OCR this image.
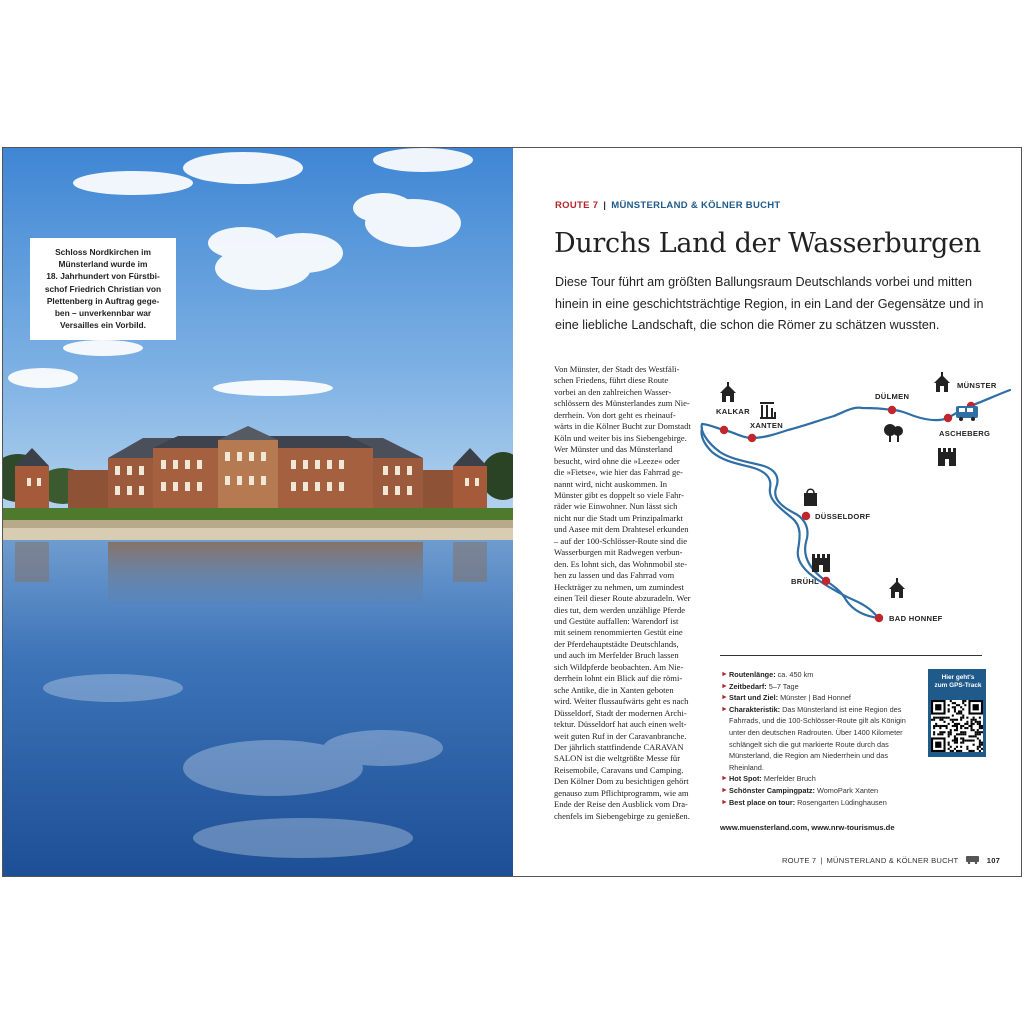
Schloss Nordkirchen im
Münsterland wurde im
18. Jahrhundert von Fürstbi-
schof Friedrich Christian von
Plettenberg in Auftrag gege-
ben – unverkennbar war
Versailles ein Vorbild.
ROUTE 7 | MÜNSTERLAND & KÖLNER BUCHT
Durchs Land der Wasserburgen
Diese Tour führt am größten Ballungsraum Deutschlands vorbei und mitten
hinein in eine geschichtsträchtige Region, in ein Land der Gegensätze und in
eine liebliche Landschaft, die schon die Römer zu schätzen wussten.
Von Münster, der Stadt des Westfäli-
schen Friedens, führt diese Route
vorbei an den zahlreichen Wasser-
schlössern des Münsterlandes zum Nie-
derrhein. Von dort geht es rheinauf-
wärts in die Kölner Bucht zur Domstadt
Köln und weiter bis ins Siebengebirge.
Wer Münster und das Münsterland
besucht, wird ohne die »Leeze« oder
die »Fietse«, wie hier das Fahrrad ge-
nannt wird, nicht auskommen. In
Münster gibt es doppelt so viele Fahr-
räder wie Einwohner. Nun lässt sich
nicht nur die Stadt um Prinzipalmarkt
und Aasee mit dem Drahtesel erkunden
– auf der 100-Schlösser-Route sind die
Wasserburgen mit Radwegen verbun-
den. Es lohnt sich, das Wohnmobil ste-
hen zu lassen und das Fahrrad vom
Heckträger zu nehmen, um zumindest
einen Teil dieser Route abzuradeln. Wer
dies tut, dem werden unzählige Pferde
und Gestüte auffallen: Warendorf ist
mit seinem renommierten Gestüt eine
der Pferdehauptstädte Deutschlands,
und auch im Merfelder Bruch lassen
sich Wildpferde beobachten. Am Nie-
derrhein lohnt ein Blick auf die römi-
sche Antike, die in Xanten geboten
wird. Weiter flussaufwärts geht es nach
Düsseldorf, Stadt der modernen Archi-
tektur. Düsseldorf hat auch einen welt-
weit guten Ruf in der Caravanbranche.
Der jährlich stattfindende CARAVAN
SALON ist die weltgrößte Messe für
Reisemobile, Caravans und Camping.
Den Kölner Dom zu besichtigen gehört
genauso zum Pflichtprogramm, wie am
Ende der Reise den Ausblick vom Dra-
chenfels im Siebengebirge zu genießen.
MÜNSTER
DÜLMEN
ASCHEBERG
KALKAR
XANTEN
DÜSSELDORF
BRÜHL
BAD HONNEF
► Routenlänge: ca. 450 km
► Zeitbedarf: 5–7 Tage
► Start und Ziel: Münster | Bad Honnef
► Charakteristik: Das Münsterland ist eine Region des
Fahrrads, und die 100-Schlösser-Route gilt als Königin
unter den deutschen Radrouten. Über 1400 Kilometer
schlängelt sich die gut markierte Route durch das
Münsterland, die Region am Niederrhein und das
Rheinland.
► Hot Spot: Merfelder Bruch
► Schönster Campingpatz: WomoPark Xanten
► Best place on tour: Rosengarten Lüdinghausen
www.muensterland.com, www.nrw-tourismus.de
Hier geht's
zum GPS-Track
ROUTE 7 | MÜNSTERLAND & KÖLNER BUCHT	107
